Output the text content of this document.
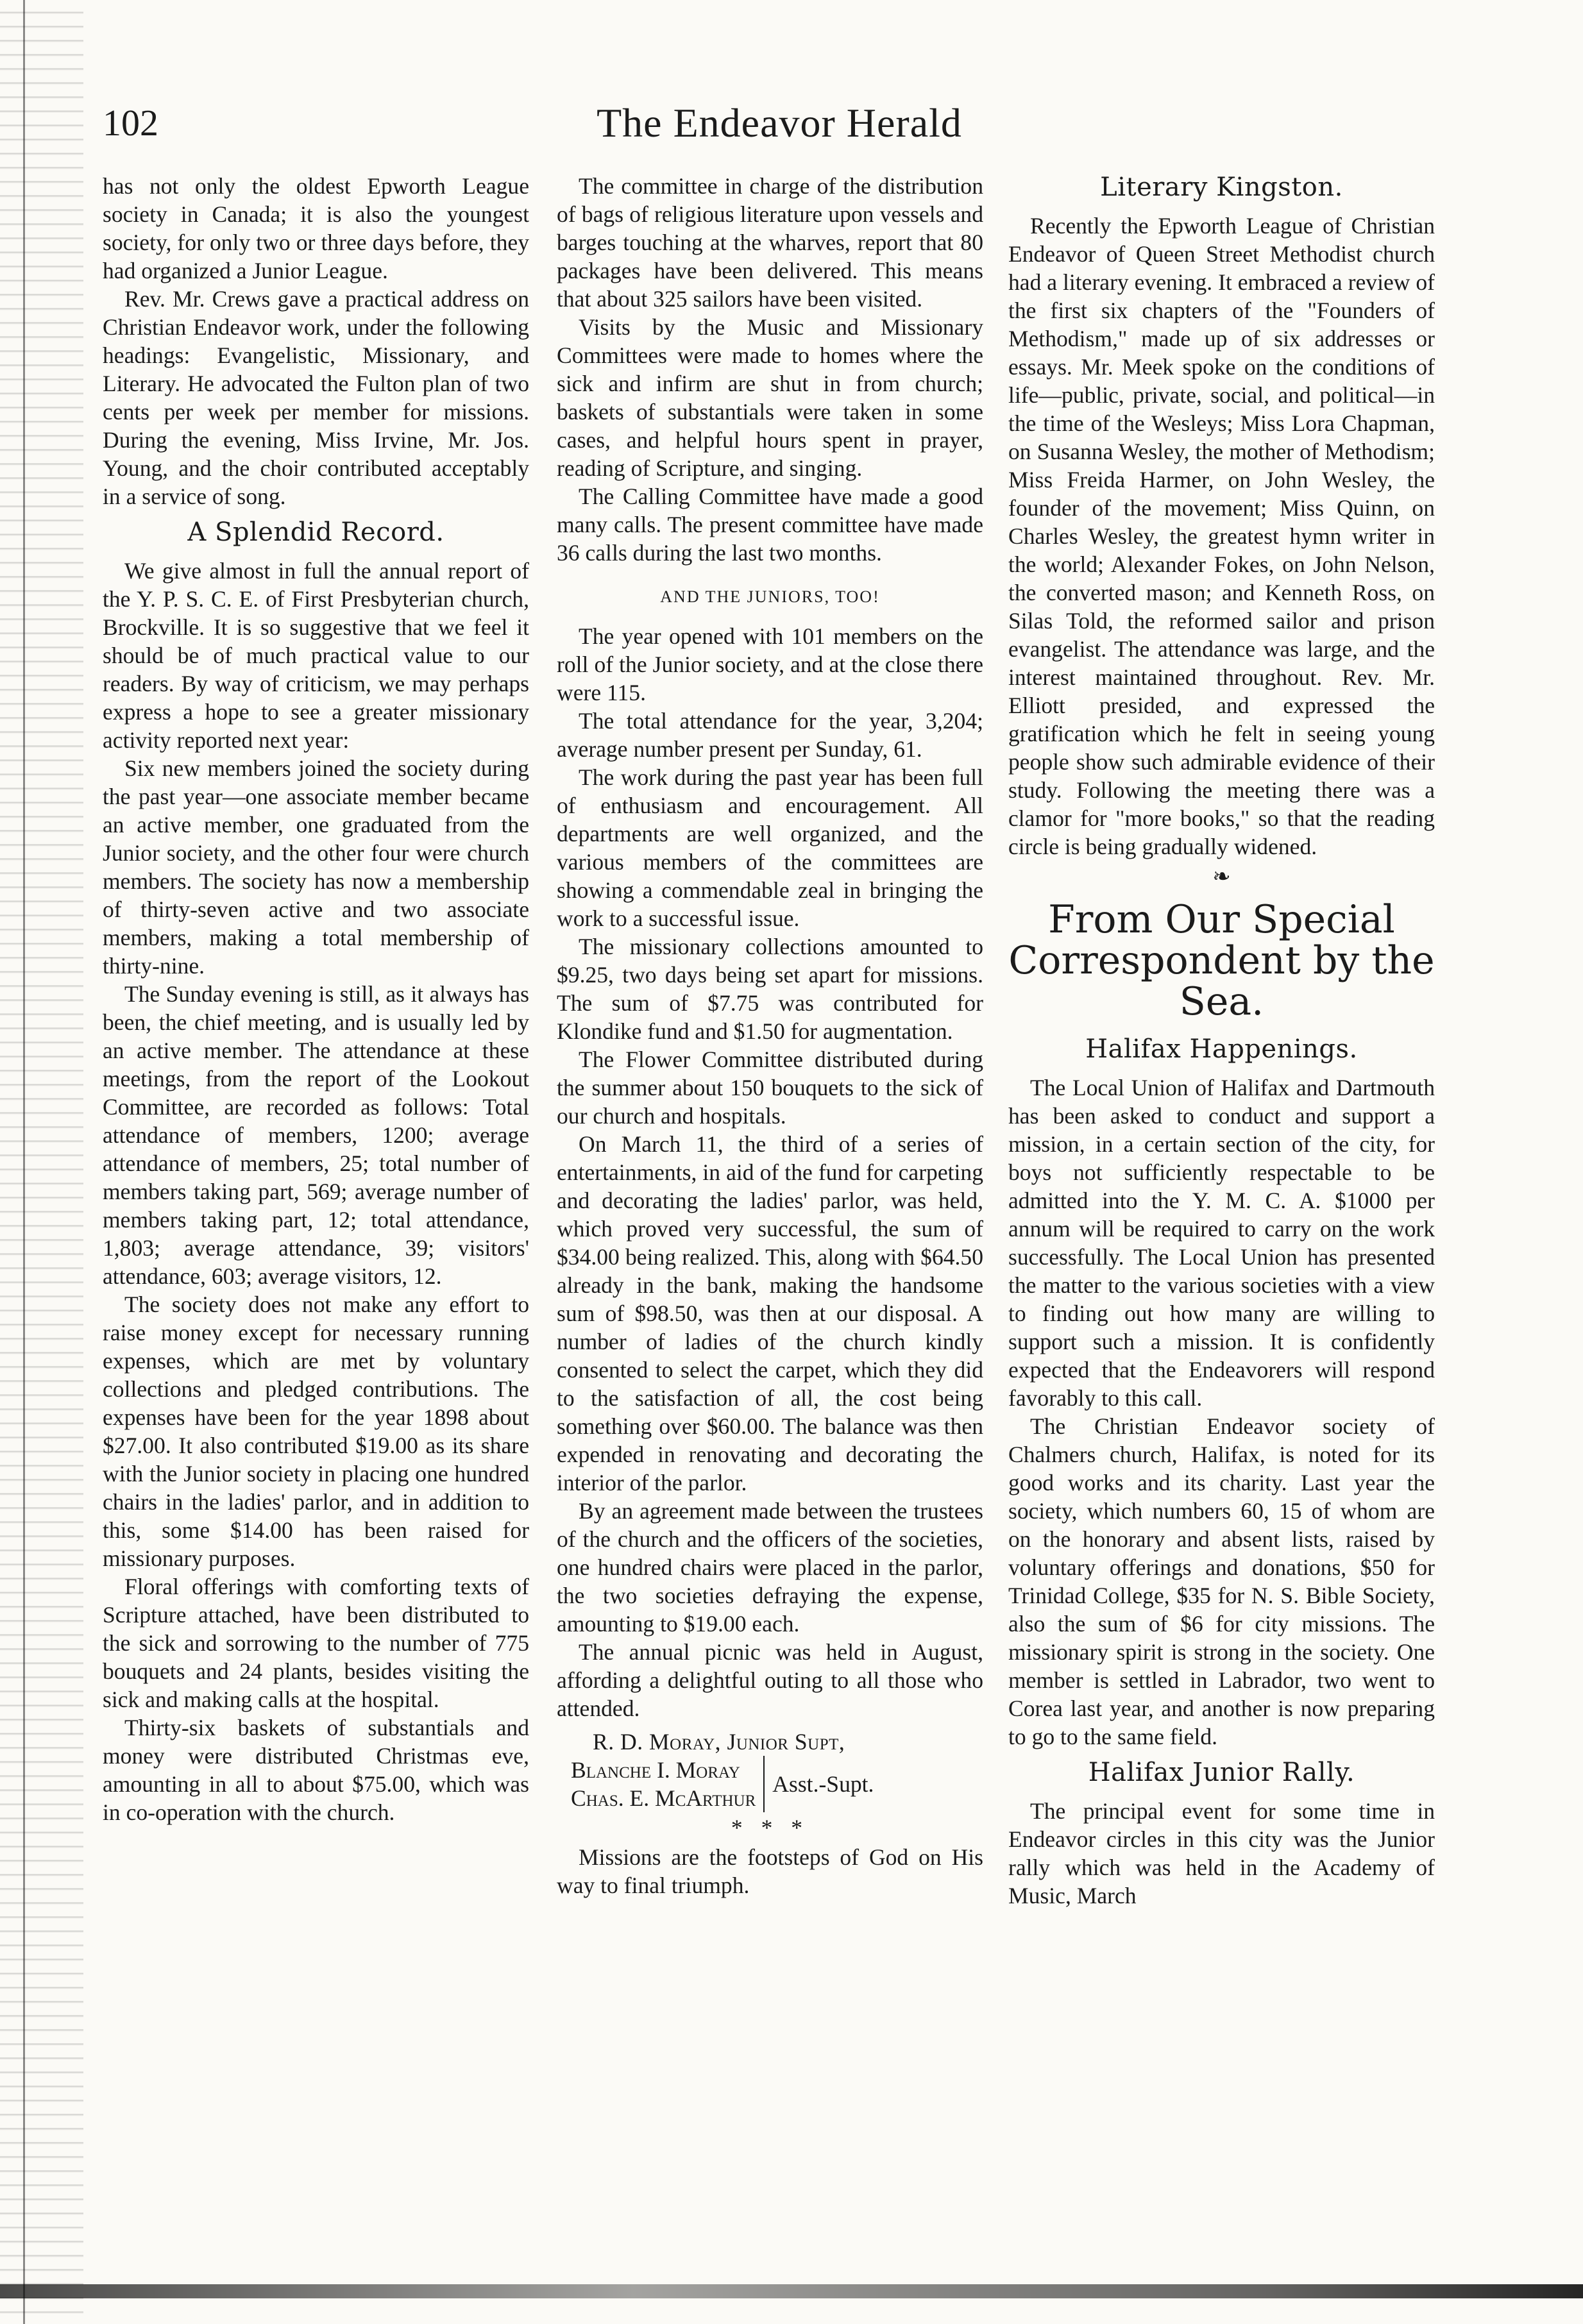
102	The Endeavor Herald

has not only the oldest Epworth League society in Canada; it is also the youngest society, for only two or three days before, they had organized a Junior League.

Rev. Mr. Crews gave a practical address on Christian Endeavor work, under the following headings: Evangelistic, Missionary, and Literary. He advocated the Fulton plan of two cents per week per member for missions. During the evening, Miss Irvine, Mr. Jos. Young, and the choir contributed acceptably in a service of song.

A Splendid Record.

We give almost in full the annual report of the Y. P. S. C. E. of First Presbyterian church, Brockville. It is so suggestive that we feel it should be of much practical value to our readers. By way of criticism, we may perhaps express a hope to see a greater missionary activity reported next year:

Six new members joined the society during the past year—one associate member became an active member, one graduated from the Junior society, and the other four were church members. The society has now a membership of thirty-seven active and two associate members, making a total membership of thirty-nine.

The Sunday evening is still, as it always has been, the chief meeting, and is usually led by an active member. The attendance at these meetings, from the report of the Lookout Committee, are recorded as follows: Total attendance of members, 1200; average attendance of members, 25; total number of members taking part, 569; average number of members taking part, 12; total attendance, 1,803; average attendance, 39; visitors' attendance, 603; average visitors, 12.

The society does not make any effort to raise money except for necessary running expenses, which are met by voluntary collections and pledged contributions. The expenses have been for the year 1898 about $27.00. It also contributed $19.00 as its share with the Junior society in placing one hundred chairs in the ladies' parlor, and in addition to this, some $14.00 has been raised for missionary purposes.

Floral offerings with comforting texts of Scripture attached, have been distributed to the sick and sorrowing to the number of 775 bouquets and 24 plants, besides visiting the sick and making calls at the hospital.

Thirty-six baskets of substantials and money were distributed Christmas eve, amounting in all to about $75.00, which was in co-operation with the church.

The committee in charge of the distribution of bags of religious literature upon vessels and barges touching at the wharves, report that 80 packages have been delivered. This means that about 325 sailors have been visited.

Visits by the Music and Missionary Committees were made to homes where the sick and infirm are shut in from church; baskets of substantials were taken in some cases, and helpful hours spent in prayer, reading of Scripture, and singing.

The Calling Committee have made a good many calls. The present committee have made 36 calls during the last two months.

AND THE JUNIORS, TOO!

The year opened with 101 members on the roll of the Junior society, and at the close there were 115.

The total attendance for the year, 3,204; average number present per Sunday, 61.

The work during the past year has been full of enthusiasm and encouragement. All departments are well organized, and the various members of the committees are showing a commendable zeal in bringing the work to a successful issue.

The missionary collections amounted to $9.25, two days being set apart for missions. The sum of $7.75 was contributed for Klondike fund and $1.50 for augmentation.

The Flower Committee distributed during the summer about 150 bouquets to the sick of our church and hospitals.

On March 11, the third of a series of entertainments, in aid of the fund for carpeting and decorating the ladies' parlor, was held, which proved very successful, the sum of $34.00 being realized. This, along with $64.50 already in the bank, making the handsome sum of $98.50, was then at our disposal. A number of ladies of the church kindly consented to select the carpet, which they did to the satisfaction of all, the cost being something over $60.00. The balance was then expended in renovating and decorating the interior of the parlor.

By an agreement made between the trustees of the church and the officers of the societies, one hundred chairs were placed in the parlor, the two societies defraying the expense, amounting to $19.00 each.

The annual picnic was held in August, affording a delightful outing to all those who attended.

R. D. Moray, Junior Supt,

Blanche I. Moray
Chas. E. McArthur
Asst.-Supt.
* * *

Missions are the footsteps of God on His way to final triumph.

Literary Kingston.

Recently the Epworth League of Christian Endeavor of Queen Street Methodist church had a literary evening. It embraced a review of the first six chapters of the "Founders of Methodism," made up of six addresses or essays. Mr. Meek spoke on the conditions of life—public, private, social, and political—in the time of the Wesleys; Miss Lora Chapman, on Susanna Wesley, the mother of Methodism; Miss Freida Harmer, on John Wesley, the founder of the movement; Miss Quinn, on Charles Wesley, the greatest hymn writer in the world; Alexander Fokes, on John Nelson, the converted mason; and Kenneth Ross, on Silas Told, the reformed sailor and prison evangelist. The attendance was large, and the interest maintained throughout. Rev. Mr. Elliott presided, and expressed the gratification which he felt in seeing young people show such admirable evidence of their study. Following the meeting there was a clamor for "more books," so that the reading circle is being gradually widened.

❧
From Our Special Correspondent by the Sea.
Halifax Happenings.

The Local Union of Halifax and Dartmouth has been asked to conduct and support a mission, in a certain section of the city, for boys not sufficiently respectable to be admitted into the Y. M. C. A. $1000 per annum will be required to carry on the work successfully. The Local Union has presented the matter to the various societies with a view to finding out how many are willing to support such a mission. It is confidently expected that the Endeavorers will respond favorably to this call.

The Christian Endeavor society of Chalmers church, Halifax, is noted for its good works and its charity. Last year the society, which numbers 60, 15 of whom are on the honorary and absent lists, raised by voluntary offerings and donations, $50 for Trinidad College, $35 for N. S. Bible Society, also the sum of $6 for city missions. The missionary spirit is strong in the society. One member is settled in Labrador, two went to Corea last year, and another is now preparing to go to the same field.

Halifax Junior Rally.

The principal event for some time in Endeavor circles in this city was the Junior rally which was held in the Academy of Music, March
